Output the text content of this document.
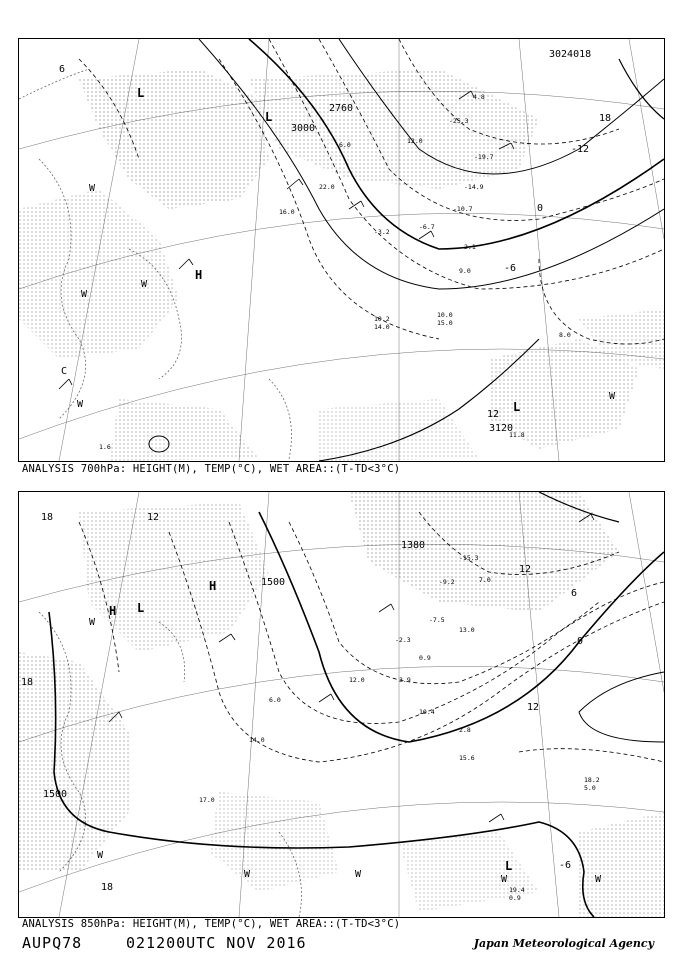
2760
3000
3120
3024018
-12
-6
0
6
12
18
L
H
L
W
W
W
W
W
C
L	-25.3
-19.7
-14.9
-10.7
-6.7
-3.2
2.1
9.0
10.2
14.0
10.0
15.0
11.8
6.0
22.0
16.0
4.8
12.0
8.0
1.6
ANALYSIS 700hPa: HEIGHT(M), TEMP(°C), WET AREA::(T-TD<3°C)
1380
1500
1500
18	12
18
18
12
6
0
12
-6
H L
H
W
W
W	W	W
L
W
-15.3
-9.2
-7.5
-2.3
0.9
3.9
10.4
13.0
18.2
5.0
19.4
0.9
15.6
6.0
12.0
2.8
7.0
14.0
17.0
ANALYSIS 850hPa: HEIGHT(M), TEMP(°C), WET AREA::(T-TD<3°C)
AUPQ78	021200UTC NOV 2016	Japan Meteorological Agency
